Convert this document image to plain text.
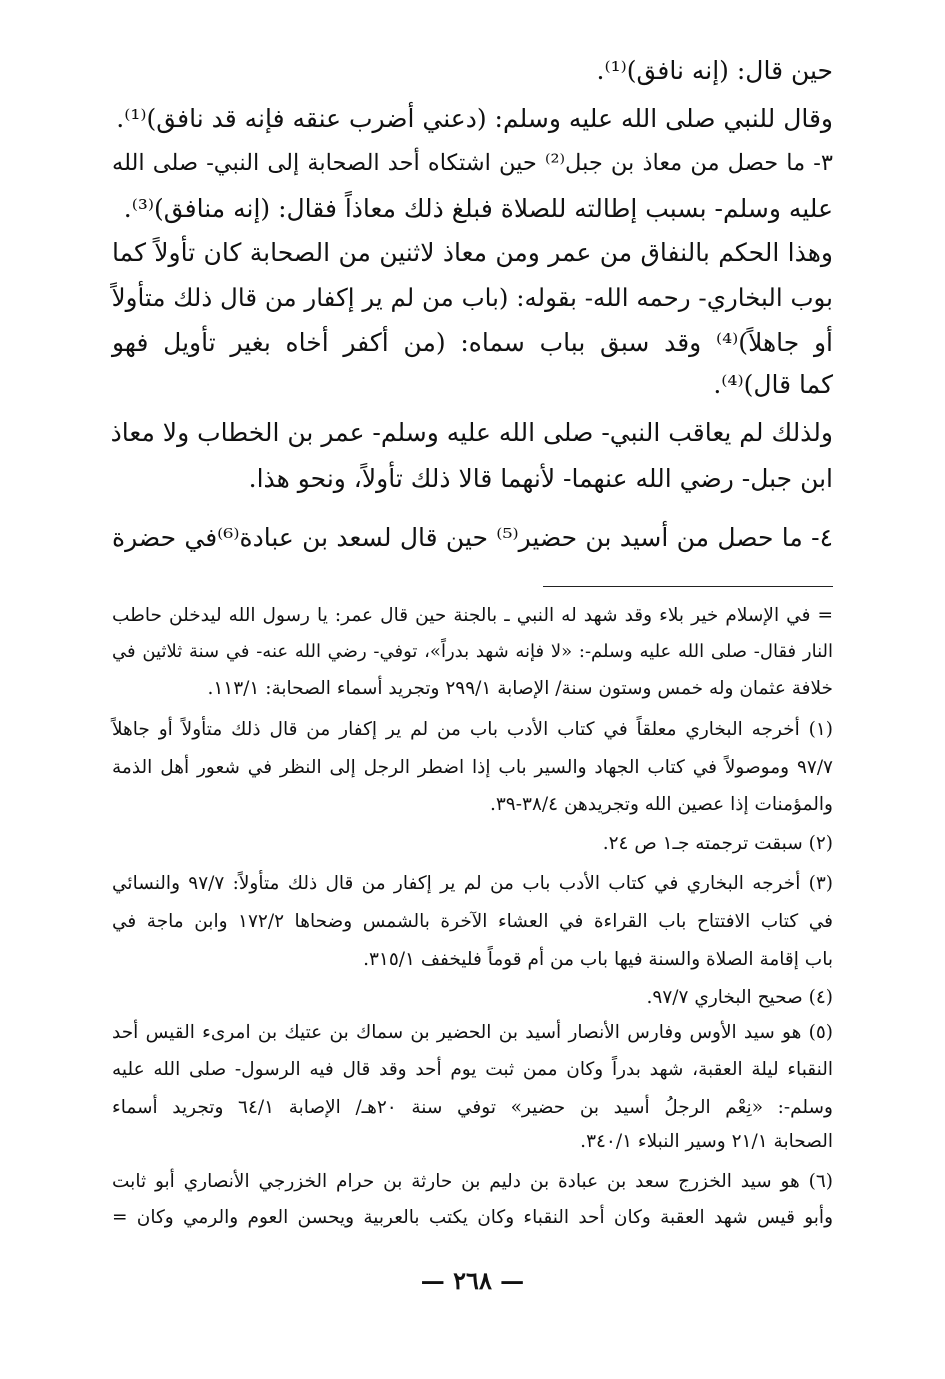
حين قال: (إنه نافق)⁽¹⁾.
وقال للنبي صلى الله عليه وسلم: (دعني أضرب عنقه فإنه قد نافق)⁽¹⁾.
٣- ما حصل من معاذ بن جبل⁽²⁾ حين اشتكاه أحد الصحابة إلى النبي- صلى الله
عليه وسلم- بسبب إطالته للصلاة فبلغ ذلك معاذاً فقال: (إنه منافق)⁽³⁾.
وهذا الحكم بالنفاق من عمر ومن معاذ لاثنين من الصحابة كان تأولاً كما
بوب البخاري- رحمه الله- بقوله: (باب من لم ير إكفار من قال ذلك متأولاً
أو جاهلاً)⁽⁴⁾ وقد سبق بباب سماه: (من أكفر أخاه بغير تأويل فهو
كما قال)⁽⁴⁾.
ولذلك لم يعاقب النبي- صلى الله عليه وسلم- عمر بن الخطاب ولا معاذ
ابن جبل- رضي الله عنهما- لأنهما قالا ذلك تأولاً، ونحو هذا.
٤- ما حصل من أسيد بن حضير⁽⁵⁾ حين قال لسعد بن عبادة⁽⁶⁾في حضرة
= في الإسلام خير بلاء وقد شهد له النبي ـ بالجنة حين قال عمر: يا رسول الله ليدخلن حاطب
النار فقال- صلى الله عليه وسلم-: «لا فإنه شهد بدراً»، توفي- رضي الله عنه- في سنة ثلاثين في
خلافة عثمان وله خمس وستون سنة/ الإصابة ٢٩٩/١ وتجريد أسماء الصحابة: ١١٣/١.
(١) أخرجه البخاري معلقاً في كتاب الأدب باب من لم ير إكفار من قال ذلك متأولاً أو جاهلاً
٩٧/٧ وموصولاً في كتاب الجهاد والسير باب إذا اضطر الرجل إلى النظر في شعور أهل الذمة
والمؤمنات إذا عصين الله وتجريدهن ٣٨/٤-٣٩.
(٢) سبقت ترجمته جـ١ ص ٢٤.
(٣) أخرجه البخاري في كتاب الأدب باب من لم ير إكفار من قال ذلك متأولاً: ٩٧/٧ والنسائي
في كتاب الافتتاح باب القراءة في العشاء الآخرة بالشمس وضحاها ١٧٢/٢ وابن ماجة في
باب إقامة الصلاة والسنة فيها باب من أم قوماً فليخفف ٣١٥/١.
(٤) صحيح البخاري ٩٧/٧.
(٥) هو سيد الأوس وفارس الأنصار أسيد بن الحضير بن سماك بن عتيك بن امرىء القيس أحد
النقباء ليلة العقبة، شهد بدراً وكان ممن ثبت يوم أحد وقد قال فيه الرسول- صلى الله عليه
وسلم-: «نِعْم الرجلُ أسيد بن حضير» توفي سنة ٢٠هـ/ الإصابة ٦٤/١ وتجريد أسماء
الصحابة ٢١/١ وسير النبلاء ٣٤٠/١.
(٦) هو سيد الخزرج سعد بن عبادة بن دليم بن حارثة بن حرام الخزرجي الأنصاري أبو ثابت
وأبو قيس شهد العقبة وكان أحد النقباء وكان يكتب بالعربية ويحسن العوم والرمي وكان =
— ٢٦٨ —
